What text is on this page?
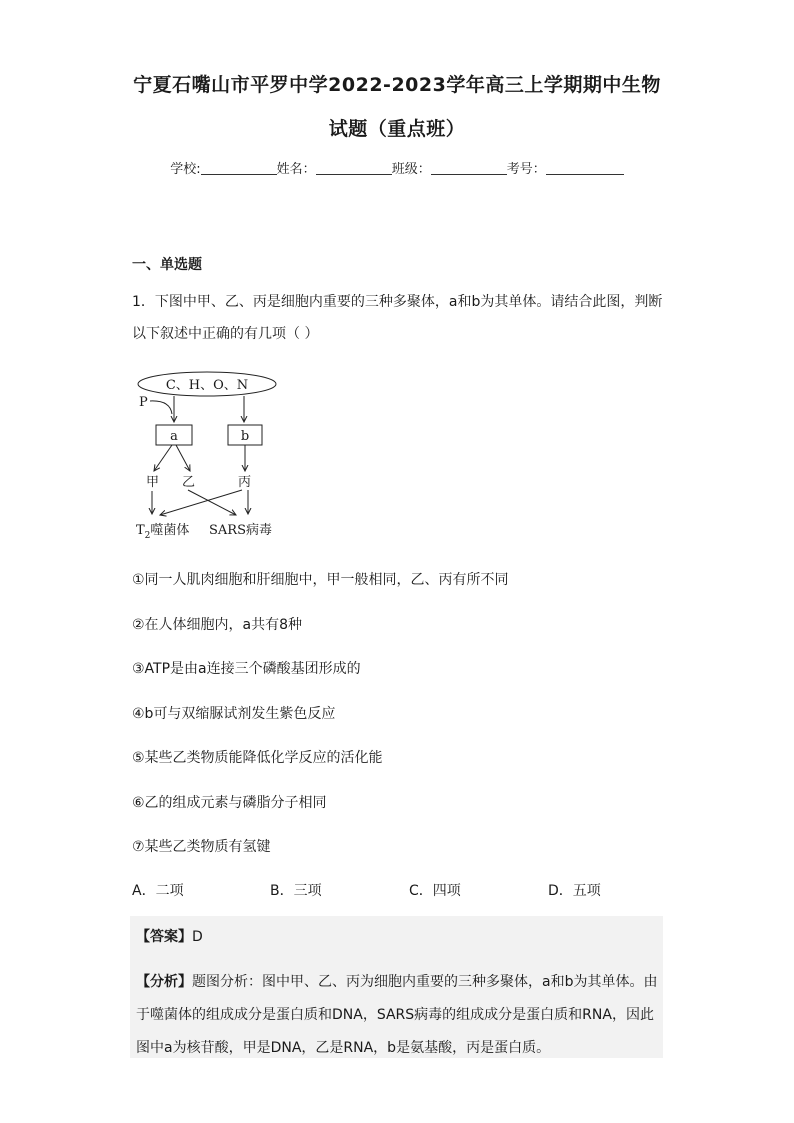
宁夏石嘴山市平罗中学2022-2023学年高三上学期期中生物
试题（重点班）
学校:	姓名：	班级：	考号：
一、单选题
1．下图中甲、乙、丙是细胞内重要的三种多聚体，a和b为其单体。请结合此图，判断
以下叙述中正确的有几项（ ）
C、H、O、N
P
a	b
甲 乙	丙
$T_2$噬菌体 SARS病毒
①同一人肌肉细胞和肝细胞中，甲一般相同，乙、丙有所不同
②在人体细胞内，a共有8种
③ATP是由a连接三个磷酸基团形成的
④b可与双缩脲试剂发生紫色反应
⑤某些乙类物质能降低化学反应的活化能
⑥乙的组成元素与磷脂分子相同
⑦某些乙类物质有氢键
A．二项	B．三项	C．四项	D．五项
【答案】D
【分析】题图分析：图中甲、乙、丙为细胞内重要的三种多聚体，a和b为其单体。由于噬菌体的组成成分是蛋白质和DNA，SARS病毒的组成成分是蛋白质和RNA，因此图中a为核苷酸，甲是DNA，乙是RNA，b是氨基酸，丙是蛋白质。
